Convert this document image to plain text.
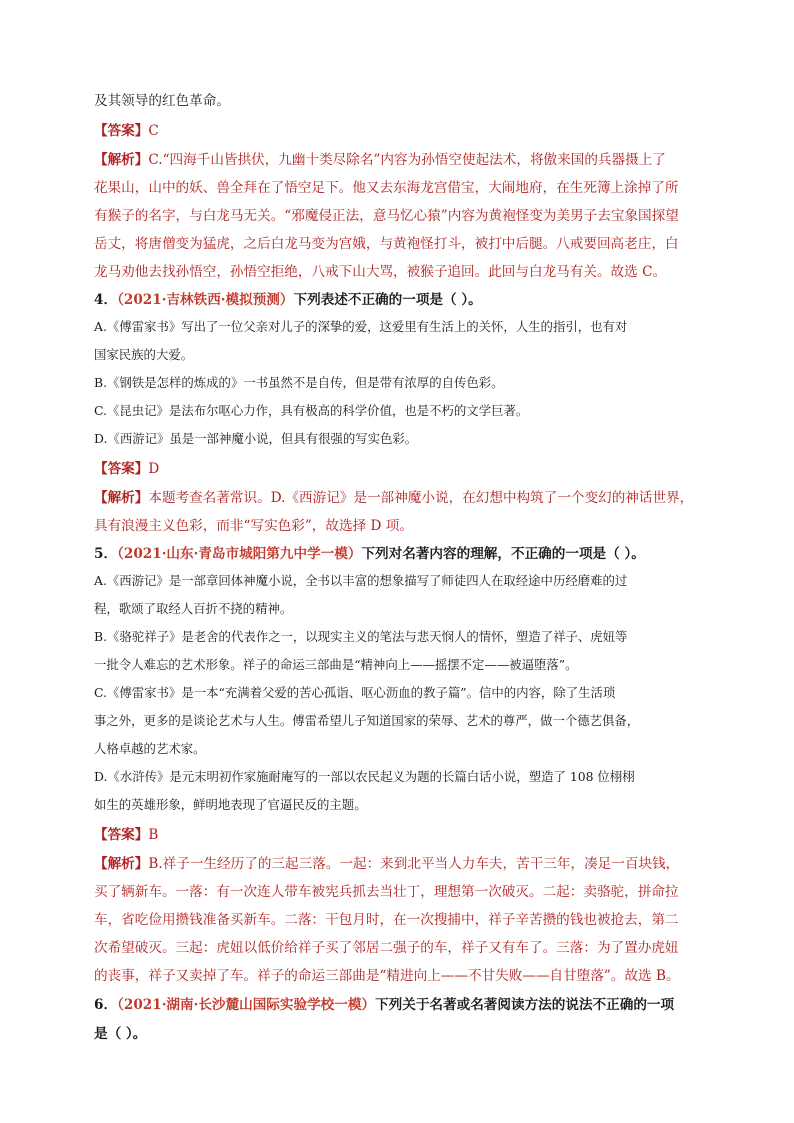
及其领导的红色革命。
【答案】C
【解析】C.“四海千山皆拱伏，九幽十类尽除名”内容为孙悟空使起法术，将傲来国的兵器摄上了
花果山，山中的妖、兽全拜在了悟空足下。他又去东海龙宫借宝，大闹地府，在生死簿上涂掉了所
有猴子的名字，与白龙马无关。“邪魔侵正法，意马忆心猿”内容为黄袍怪变为美男子去宝象国探望
岳丈，将唐僧变为猛虎，之后白龙马变为宫娥，与黄袍怪打斗，被打中后腿。八戒要回高老庄，白
龙马劝他去找孙悟空，孙悟空拒绝，八戒下山大骂，被猴子追回。此回与白龙马有关。故选 C。
4．（2021·吉林铁西·模拟预测）下列表述不正确的一项是（ ）。
A.《傅雷家书》写出了一位父亲对儿子的深挚的爱，这爱里有生活上的关怀，人生的指引，也有对
国家民族的大爱。
B.《钢铁是怎样的炼成的》一书虽然不是自传，但是带有浓厚的自传色彩。
C.《昆虫记》是法布尔呕心力作，具有极高的科学价值，也是不朽的文学巨著。
D.《西游记》虽是一部神魔小说，但具有很强的写实色彩。
【答案】D
【解析】本题考查名著常识。D.《西游记》是一部神魔小说，在幻想中构筑了一个变幻的神话世界，
具有浪漫主义色彩，而非“写实色彩”，故选择 D 项。
5．（2021·山东·青岛市城阳第九中学一模）下列对名著内容的理解，不正确的一项是（ ）。
A.《西游记》是一部章回体神魔小说，全书以丰富的想象描写了师徒四人在取经途中历经磨难的过
程，歌颂了取经人百折不挠的精神。
B.《骆驼祥子》是老舍的代表作之一，以现实主义的笔法与悲天悯人的情怀，塑造了祥子、虎妞等
一批令人难忘的艺术形象。祥子的命运三部曲是“精神向上——摇摆不定——被逼堕落”。
C.《傅雷家书》是一本“充满着父爱的苦心孤诣、呕心沥血的教子篇”。信中的内容，除了生活琐
事之外，更多的是谈论艺术与人生。傅雷希望儿子知道国家的荣辱、艺术的尊严，做一个德艺俱备，
人格卓越的艺术家。
D.《水浒传》是元末明初作家施耐庵写的一部以农民起义为题的长篇白话小说，塑造了 108 位栩栩
如生的英雄形象，鲜明地表现了官逼民反的主题。
【答案】B
【解析】B.祥子一生经历了的三起三落。一起：来到北平当人力车夫，苦干三年，凑足一百块钱，
买了辆新车。一落：有一次连人带车被宪兵抓去当壮丁，理想第一次破灭。二起：卖骆驼，拼命拉
车，省吃俭用攒钱准备买新车。二落：干包月时，在一次搜捕中，祥子辛苦攒的钱也被抢去，第二
次希望破灭。三起：虎妞以低价给祥子买了邻居二强子的车，祥子又有车了。三落：为了置办虎妞
的丧事，祥子又卖掉了车。祥子的命运三部曲是“精进向上——不甘失败——自甘堕落”。故选 B。
6．（2021·湖南·长沙麓山国际实验学校一模）下列关于名著或名著阅读方法的说法不正确的一项
是（ ）。
